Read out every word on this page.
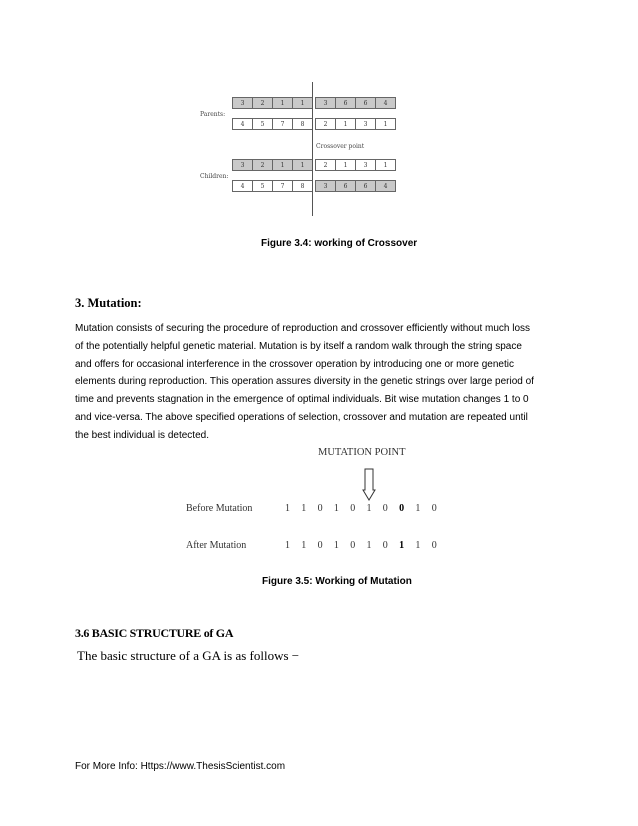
Parents:
Children:
Crossover point
3	2	1	1	3	6	6	4
4	5	7	8	2	1	3	1
3	2	1	1	2	1	3	1
4	5	7	8	3	6	6	4
Figure 3.4: working of Crossover
3. Mutation:
Mutation consists of securing the procedure of reproduction and crossover efficiently without much loss
of the potentially helpful genetic material. Mutation is by itself a random walk through the string space
and offers for occasional interference in the crossover operation by introducing one or more genetic
elements during reproduction. This operation assures diversity in the genetic strings over large period of
time and prevents stagnation in the emergence of optimal individuals. Bit wise mutation changes 1 to 0
and vice-versa. The above specified operations of selection, crossover and mutation are repeated until
the best individual is detected.
MUTATION POINT
Before Mutation	1 1 0 1 0 1 0 0 1 0
After Mutation	1 1 0 1 0 1 0 1 1 0
Figure 3.5: Working of Mutation
3.6 BASIC STRUCTURE of GA
The basic structure of a GA is as follows −
For More Info: Https://www.ThesisScientist.com
